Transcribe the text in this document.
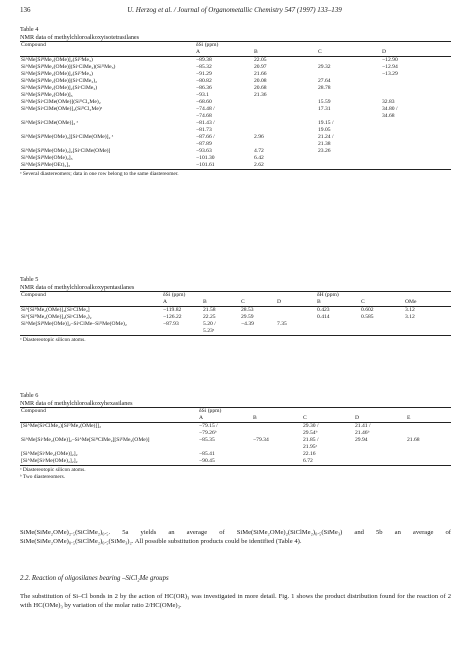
136	U. Herzog et al. / Journal of Organometallic Chemistry 547 (1997) 133–139
Table 4
NMR data of methylchloroalkoxyisotetrasilanes
Compound	δSi (ppm)			
	A	B	C	D
SiᴬMe[SiᴮMe₂(OMe)]₂(SiᴰMe₃)	−89.38	22.05		−12.90
SiᴬMe[SiᴮMe₂(OMe)](SiᶜClMe₂)(SiᴰMe₃)	−85.32	20.97	29.32	−12.94
SiᴬMe[SiᴮMe₂(OMe)]₂(SiᴰMe₃)	−91.29	21.66		−13.29
SiᴬMe[SiᴮMe₂(OMe)](SiᶜClMe₂)₂	−80.82	20.08	27.64	
SiᴬMe(SiᴮMe₂(OMe)]₂(SiᶜClMe₂)	−86.36	20.68	28.78	
SiᴬMe[SiᴮMe₂(OMe)]₃	−93.1	21.36		
SiᴬMe[SiᶜClMe(OMe)](SiᴰCl₂Me)₂	−68.60		15.59	32.83
SiᴬMe[SiᶜClMe(OMe)]₂(SiᴰCl₂Me)ᵃ	−74.48 /		17.31	34.80 /
	−74.68			34.68
SiᴬMe[SiᶜClMe(OMe)]₃ ᵃ	−81.43 /		19.15 /	
	−81.73		19.05	
SiᴬMe[SiᴮMe(OMe)₂][SiᶜClMe(OMe)]₂ ᵃ	−87.66 /	2.96	21.24 /	
	−87.89		21.38	
SiᴬMe[SiᴮMe(OMe)₂]₂[SiᶜClMe(OMe)]	−93.63	4.72	23.26	
SiᴬMe[SiᴮMe(OMe)₂]₃	−101.30	6.42		
SiᴬMe[SiᴮMe(OEt)₂]₃	−101.61	2.62		
ᵃ Several diastereomers; data in one row belong to the same diastereomer.
Table 5
NMR data of methylchloroalkoxypentasilanes
Compound	δSi (ppm)				δH (ppm)		
	A	B	C	D	B	C	OMe
Siᴬ[SiᴮMe₂(OMe)]₃[SiᶜClMe₂]	−119.82	21.58	28.53		0.423	0.602	3.12
Siᴬ[SiᴮMe₂(OMe)]₂(SiᶜClMe₂)₂	−126.22	22.25	29.59		0.414	0.585	3.12
SiᴬMe[SiᴮMe(OMe)]₂–SiᶜClMe–SiᴰMe(OMe)₂	−87.93	5.20 /	−4.39	7.35			
		5.23ᵃ					
ᵃ Diastereotopic silicon atoms.
Table 6
NMR data of methylchloroalkoxyhexasilanes
Compound	δSi (ppm)				
	A	B	C	D	E
[SiᴬMe(SiᶜClMe₂)[SiᴰMe₂(OMe)]]₂	−79.15 /		29.30 /	21.41 /	
	−79.26ᵇ		29.54ᵇ	21.46ᵇ	
SiᴬMe[SiᶜMe₂(OMe)]₂–SiᴬMe[SiᴮClMe₂][SiᴱMe₂(OMe)]	−85.35	−79.34	21.85 /	29.94	21.68
			21.95ᵃ		
[SiᴬMe[SiᶜMe₂(OMe)]₂]₂	−85.41		22.16		
[SiᴬMe[SiᶜMe(OMe)₂]₂]₂	−90.45		6.72		
ᵃ Diastereotopic silicon atoms.
ᵇ Two diastereomers.

SiMe(SiMe₂OMe)₂.₅(SiClMe₂)₀.₅. 5a yields an average of SiMe(SiMe₂OMe)₂(SiClMe₂)₀.₅(SiMe₃) and 5b an average of SiMe(SiMe₂OMe)₀.₅(SiClMe₂)₀.₅(SiMe₃)₂. All possible substitution products could be identified (Table 4).

2.2. Reaction of oligosilanes bearing –SiCl₂Me groups

The substitution of Si–Cl bonds in 2 by the action of HC(OR)₃ was investigated in more detail. Fig. 1 shows the product distribution found for the reaction of 2 with HC(OMe)₃ by variation of the molar ratio 2/HC(OMe)₃.
